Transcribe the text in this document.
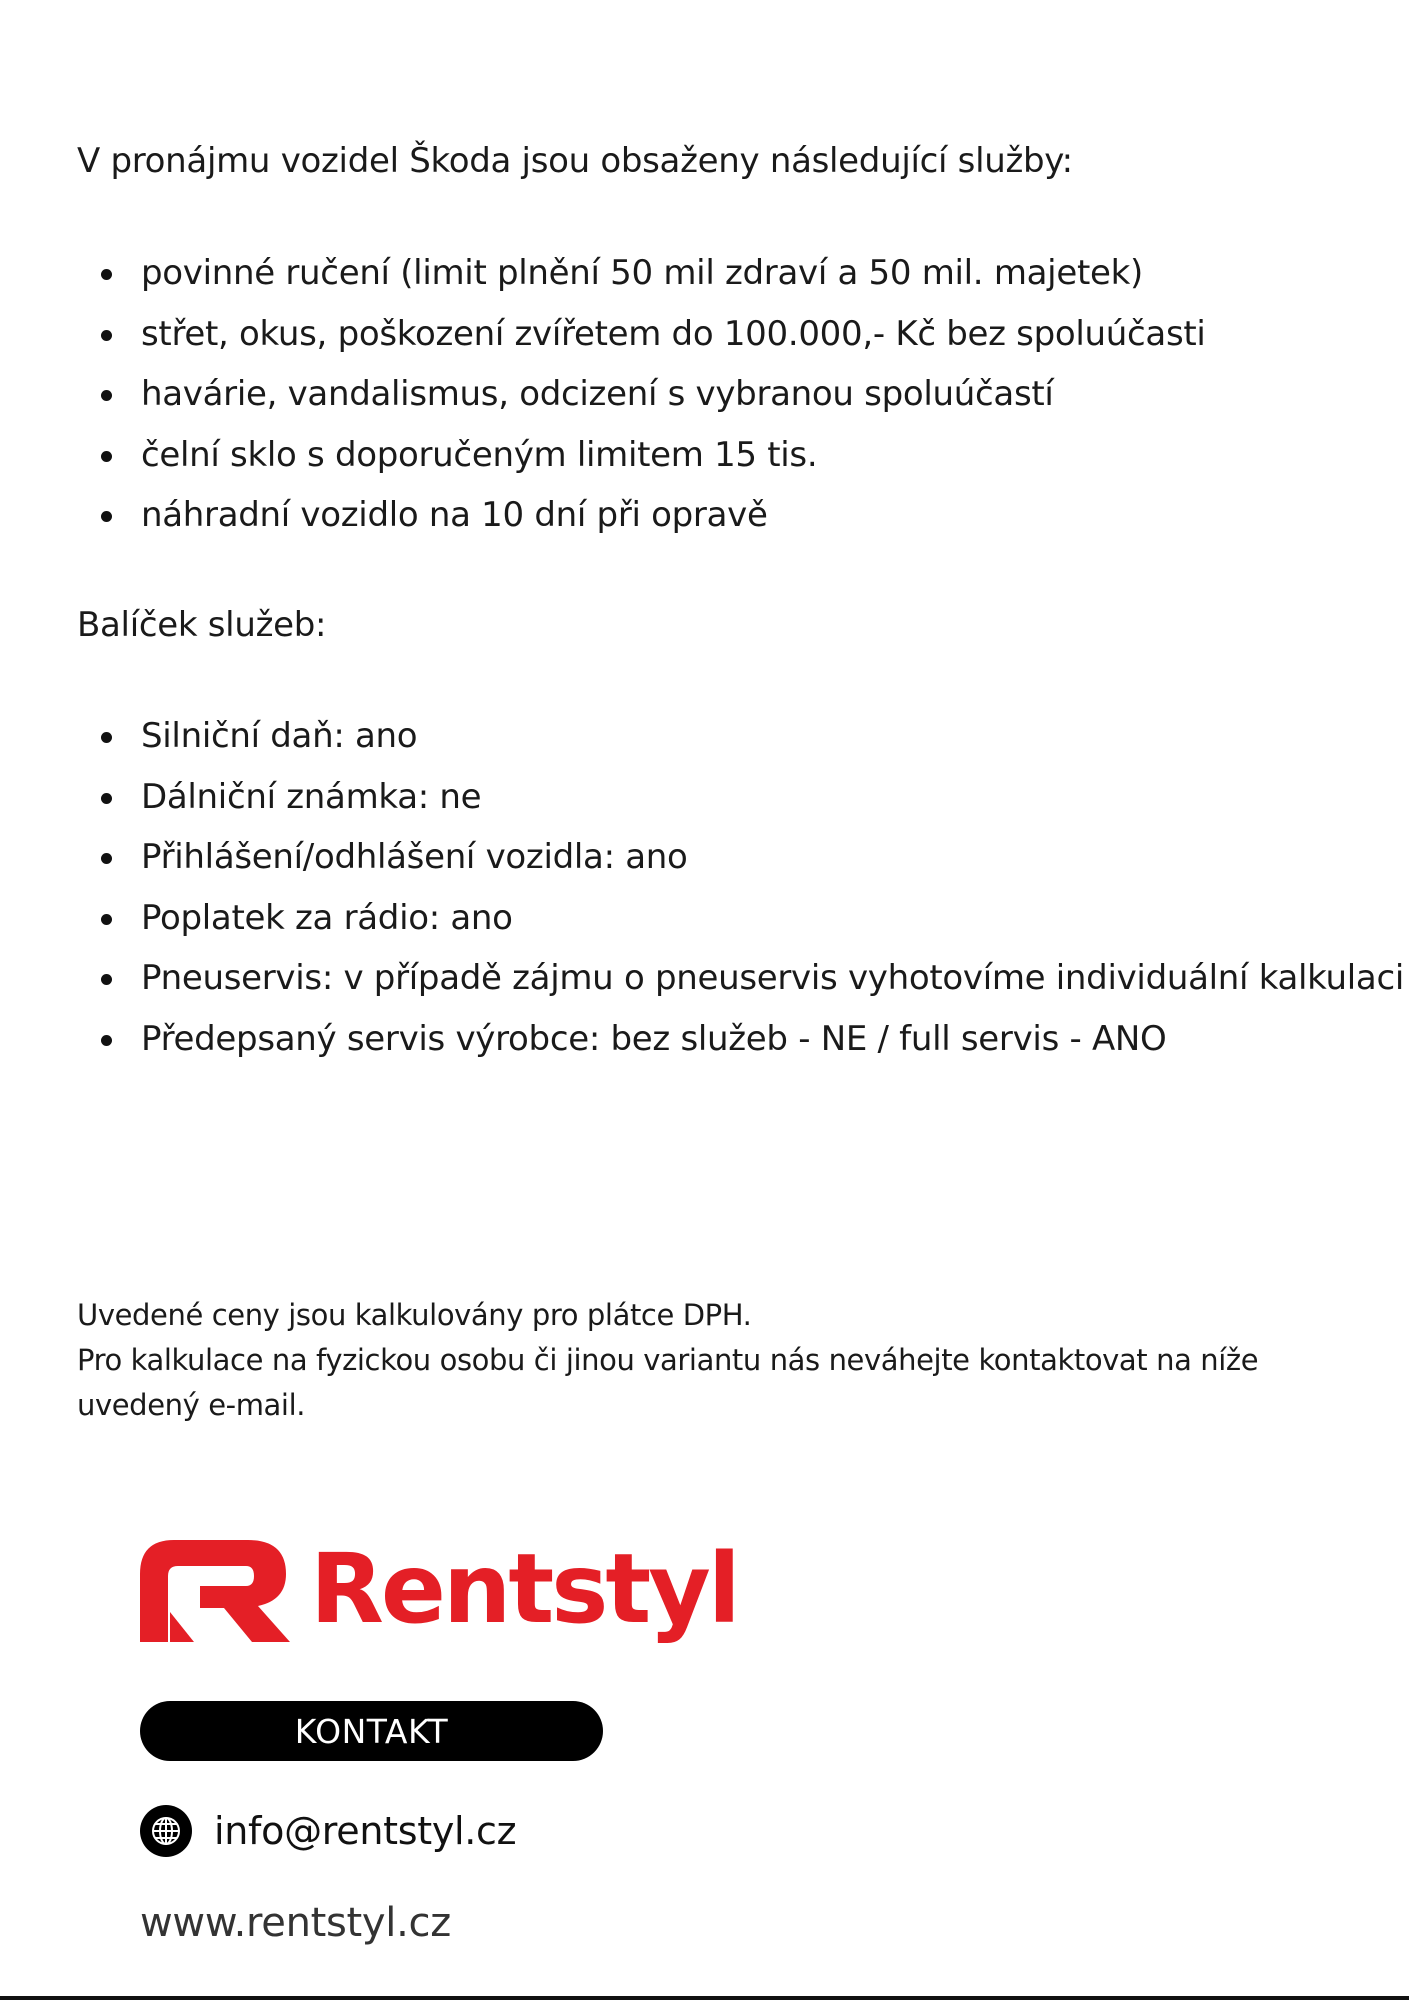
V pronájmu vozidel Škoda jsou obsaženy následující služby:

povinné ručení (limit plnění 50 mil zdraví a 50 mil. majetek)
střet, okus, poškození zvířetem do 100.000,- Kč bez spoluúčasti
havárie, vandalismus, odcizení s vybranou spoluúčastí
čelní sklo s doporučeným limitem 15 tis.
náhradní vozidlo na 10 dní při opravě

Balíček služeb:

Silniční daň: ano
Dálniční známka: ne
Přihlášení/odhlášení vozidla: ano
Poplatek za rádio: ano
Pneuservis: v případě zájmu o pneuservis vyhotovíme individuální kalkulaci
Předepsaný servis výrobce: bez služeb - NE / full servis - ANO

Uvedené ceny jsou kalkulovány pro plátce DPH.

Pro kalkulace na fyzickou osobu či jinou variantu nás neváhejte kontaktovat na níže uvedený e-mail.

Rentstyl
KONTAKT
info@rentstyl.cz
www.rentstyl.cz
